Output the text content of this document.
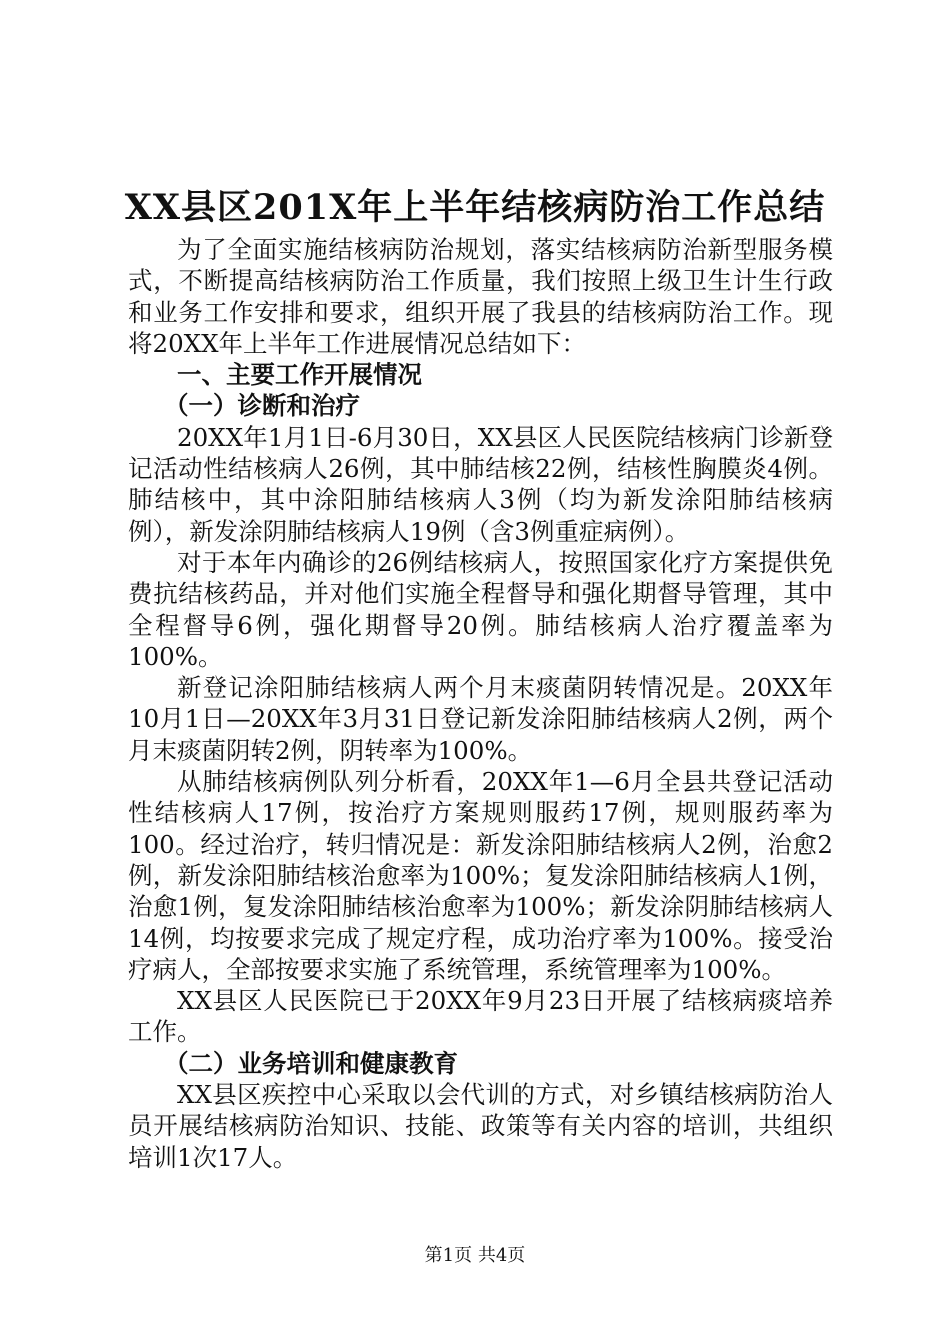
XX县区201X年上半年结核病防治工作总结

为了全面实施结核病防治规划，落实结核病防治新型服务模式，不断提高结核病防治工作质量，我们按照上级卫生计生行政和业务工作安排和要求，组织开展了我县的结核病防治工作。现将20XX年上半年工作进展情况总结如下：

一、主要工作开展情况
（一）诊断和治疗

20XX年1月1日-6月30日，XX县区人民医院结核病门诊新登记活动性结核病人26例，其中肺结核22例，结核性胸膜炎4例。肺结核中，其中涂阳肺结核病人3例（均为新发涂阳肺结核病例），新发涂阴肺结核病人19例（含3例重症病例）。

对于本年内确诊的26例结核病人，按照国家化疗方案提供免费抗结核药品，并对他们实施全程督导和强化期督导管理，其中全程督导6例，强化期督导20例。肺结核病人治疗覆盖率为100%。

新登记涂阳肺结核病人两个月末痰菌阴转情况是。20XX年10月1日—20XX年3月31日登记新发涂阳肺结核病人2例，两个月末痰菌阴转2例，阴转率为100%。

从肺结核病例队列分析看，20XX年1—6月全县共登记活动性结核病人17例，按治疗方案规则服药17例，规则服药率为100。经过治疗，转归情况是：新发涂阳肺结核病人2例，治愈2例，新发涂阳肺结核治愈率为100%；复发涂阳肺结核病人1例，治愈1例，复发涂阳肺结核治愈率为100%；新发涂阴肺结核病人14例，均按要求完成了规定疗程，成功治疗率为100%。接受治疗病人，全部按要求实施了系统管理，系统管理率为100%。

XX县区人民医院已于20XX年9月23日开展了结核病痰培养工作。

（二）业务培训和健康教育

XX县区疾控中心采取以会代训的方式，对乡镇结核病防治人员开展结核病防治知识、技能、政策等有关内容的培训，共组织培训1次17人。

第1页 共4页
